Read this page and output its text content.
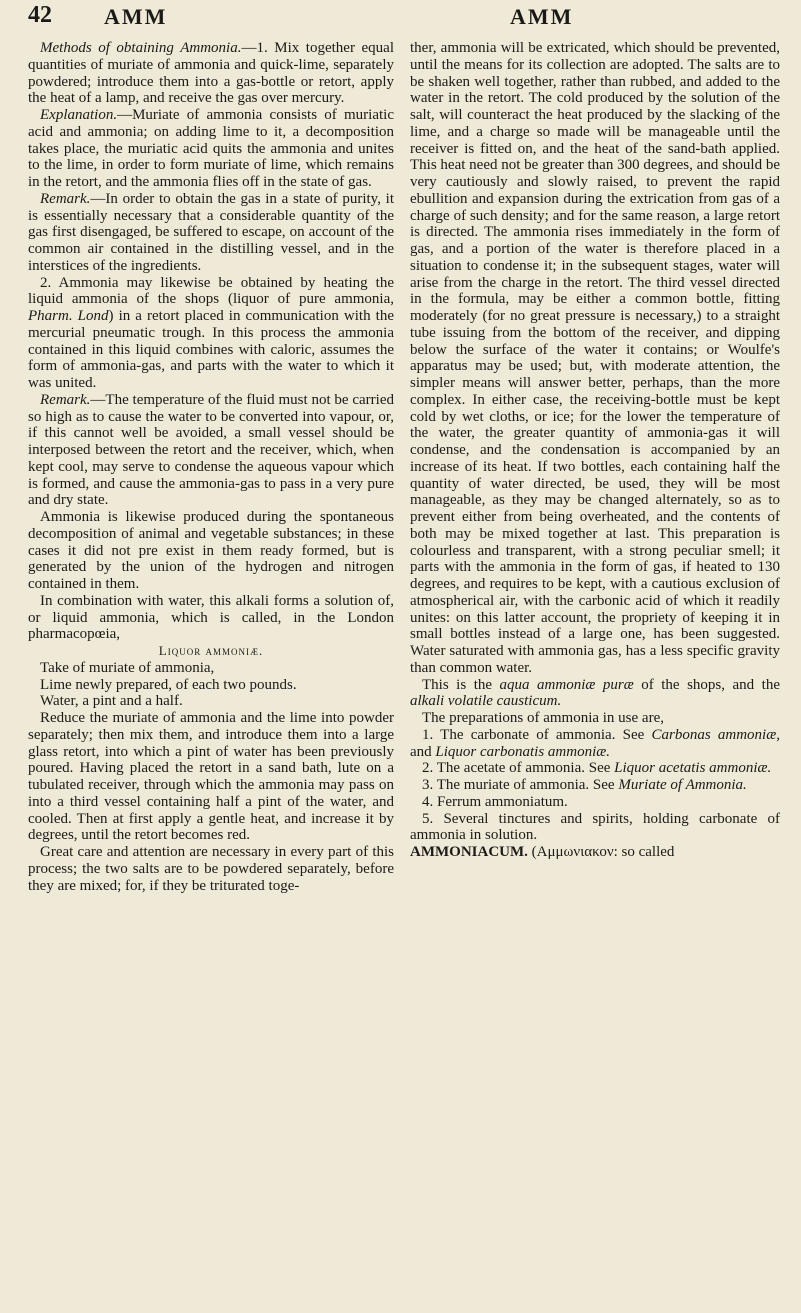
42 AMM	AMM

Methods of obtaining Ammonia.—1. Mix together equal quantities of muriate of ammonia and quick-lime, separately powdered; introduce them into a gas-bottle or retort, apply the heat of a lamp, and receive the gas over mercury.

Explanation.—Muriate of ammonia consists of muriatic acid and ammonia; on adding lime to it, a decomposition takes place, the muriatic acid quits the ammonia and unites to the lime, in order to form muriate of lime, which remains in the retort, and the ammonia flies off in the state of gas.

Remark.—In order to obtain the gas in a state of purity, it is essentially necessary that a considerable quantity of the gas first disengaged, be suffered to escape, on account of the common air contained in the distilling vessel, and in the interstices of the ingredients.

2. Ammonia may likewise be obtained by heating the liquid ammonia of the shops (liquor of pure ammonia, Pharm. Lond) in a retort placed in communication with the mercurial pneumatic trough. In this process the ammonia contained in this liquid combines with caloric, assumes the form of ammonia-gas, and parts with the water to which it was united.

Remark.—The temperature of the fluid must not be carried so high as to cause the water to be converted into vapour, or, if this cannot well be avoided, a small vessel should be interposed between the retort and the receiver, which, when kept cool, may serve to condense the aqueous vapour which is formed, and cause the ammonia-gas to pass in a very pure and dry state.

Ammonia is likewise produced during the spontaneous decomposition of animal and vegetable substances; in these cases it did not pre exist in them ready formed, but is generated by the union of the hydrogen and nitrogen contained in them.

In combination with water, this alkali forms a solution of, or liquid ammonia, which is called, in the London pharmacopœia,

Liquor ammoniæ.

Take of muriate of ammonia,

Lime newly prepared, of each two pounds.

Water, a pint and a half.

Reduce the muriate of ammonia and the lime into powder separately; then mix them, and introduce them into a large glass retort, into which a pint of water has been previously poured. Having placed the retort in a sand bath, lute on a tubulated receiver, through which the ammonia may pass on into a third vessel containing half a pint of the water, and cooled. Then at first apply a gentle heat, and increase it by degrees, until the retort becomes red.

Great care and attention are necessary in every part of this process; the two salts are to be powdered separately, before they are mixed; for, if they be triturated toge-

ther, ammonia will be extricated, which should be prevented, until the means for its collection are adopted. The salts are to be shaken well together, rather than rubbed, and added to the water in the retort. The cold produced by the solution of the salt, will counteract the heat produced by the slacking of the lime, and a charge so made will be manageable until the receiver is fitted on, and the heat of the sand-bath applied. This heat need not be greater than 300 degrees, and should be very cautiously and slowly raised, to prevent the rapid ebullition and expansion during the extrication from gas of a charge of such density; and for the same reason, a large retort is directed. The ammonia rises immediately in the form of gas, and a portion of the water is therefore placed in a situation to condense it; in the subsequent stages, water will arise from the charge in the retort. The third vessel directed in the formula, may be either a common bottle, fitting moderately (for no great pressure is necessary,) to a straight tube issuing from the bottom of the receiver, and dipping below the surface of the water it contains; or Woulfe's apparatus may be used; but, with moderate attention, the simpler means will answer better, perhaps, than the more complex. In either case, the receiving-bottle must be kept cold by wet cloths, or ice; for the lower the temperature of the water, the greater quantity of ammonia-gas it will condense, and the condensation is accompanied by an increase of its heat. If two bottles, each containing half the quantity of water directed, be used, they will be most manageable, as they may be changed alternately, so as to prevent either from being overheated, and the contents of both may be mixed together at last. This preparation is colourless and transparent, with a strong peculiar smell; it parts with the ammonia in the form of gas, if heated to 130 degrees, and requires to be kept, with a cautious exclusion of atmospherical air, with the carbonic acid of which it readily unites: on this latter account, the propriety of keeping it in small bottles instead of a large one, has been suggested. Water saturated with ammonia gas, has a less specific gravity than common water.

This is the aqua ammoniæ puræ of the shops, and the alkali volatile causticum.

The preparations of ammonia in use are,

1. The carbonate of ammonia. See Carbonas ammoniæ, and Liquor carbonatis ammoniæ.

2. The acetate of ammonia. See Liquor acetatis ammoniæ.

3. The muriate of ammonia. See Muriate of Ammonia.

4. Ferrum ammoniatum.

5. Several tinctures and spirits, holding carbonate of ammonia in solution.

AMMONIACUM. (Αμμωνιακον: so called
